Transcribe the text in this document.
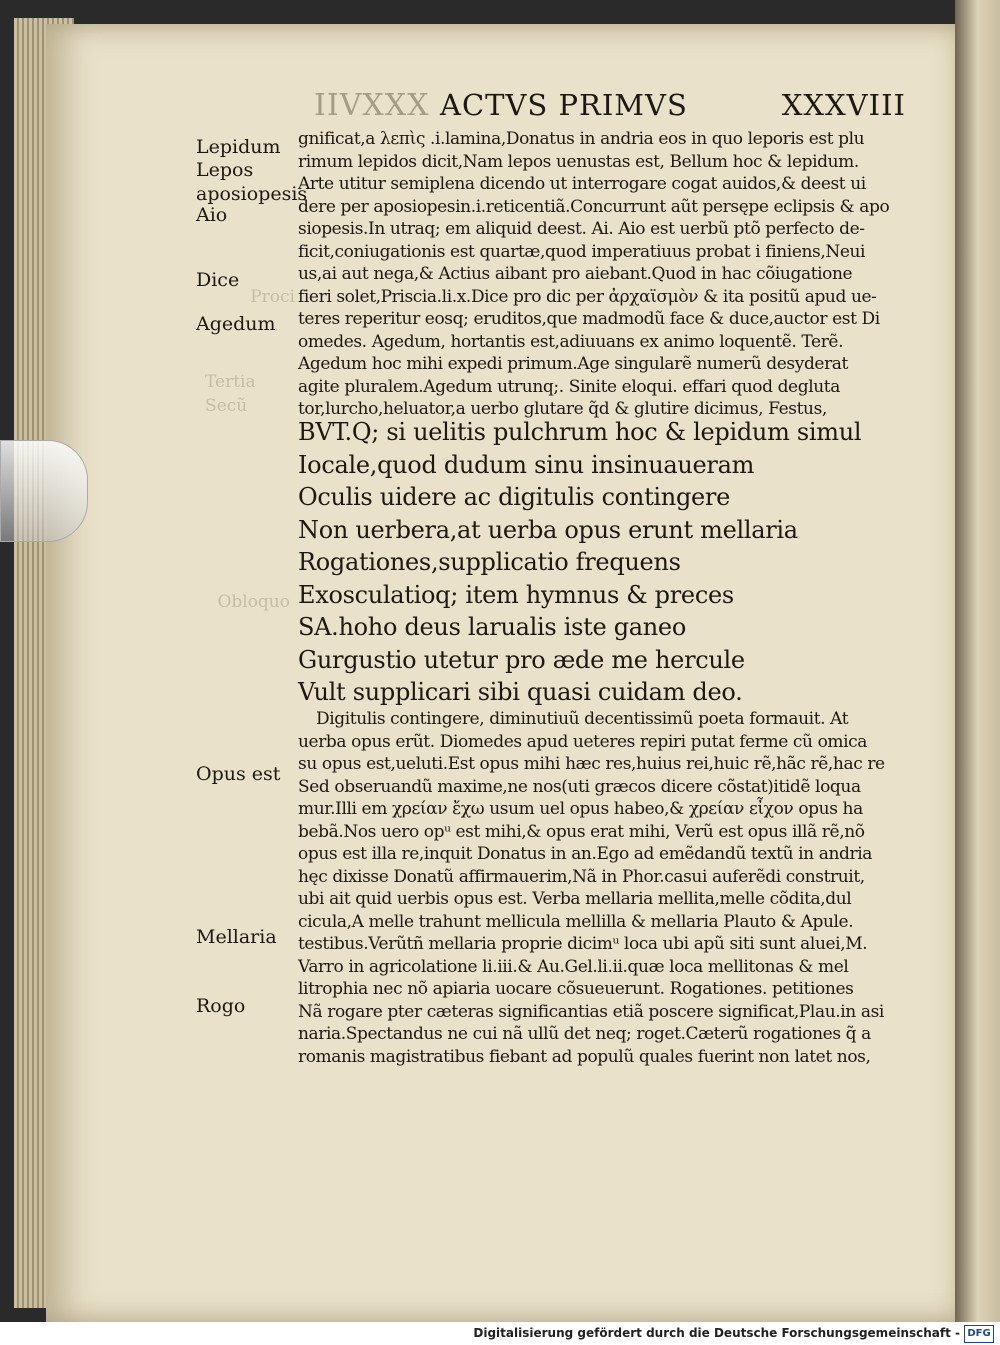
Proci
Tertia Secũ
Obloquo
IIVXXX ACTVS PRIMVS	XXXVIII
Lepidum
Lepos
aposiopesis
Aio
Dice
Agedum
Opus est
Mellaria
Rogo
gnificat,a λεπὶς .i.lamina,Donatus in andria eos in quo leporis est plu
rimum lepidos dicit,Nam lepos uenustas est, Bellum hoc & lepidum.
Arte utitur semiplena dicendo ut interrogare cogat auidos,& deest ui
dere per aposiopesin.i.reticentiã.Concurrunt aũt persępe eclipsis & apo
siopesis.In utraq; em aliquid deest. Ai. Aio est uerbũ ptõ perfecto de-
ficit,coniugationis est quartæ,quod imperatiuus probat i finiens,Neui
us,ai aut nega,& Actius aibant pro aiebant.Quod in hac cõiugatione
fieri solet,Priscia.li.x.Dice pro dic per ἀρχαϊσμὸν & ita positũ apud ue-
teres reperitur eosq; eruditos,que madmodũ face & duce,auctor est Di
omedes. Agedum, hortantis est,adiuuans ex animo loquentẽ. Terẽ.
Agedum hoc mihi expedi primum.Age singularẽ numerũ desyderat
agite pluralem.Agedum utrunq;. Sinite eloqui. effari quod degluta
tor,lurcho,heluator,a uerbo glutare q̃d & glutire dicimus, Festus,
BVT.Q; si uelitis pulchrum hoc & lepidum simul
Iocale,quod dudum sinu insinuaueram
Oculis uidere ac digitulis contingere
Non uerbera,at uerba opus erunt mellaria
Rogationes,supplicatio frequens
Exosculatioq; item hymnus & preces
SA.hoho deus larualis iste ganeo
Gurgustio utetur pro æde me hercule
Vult supplicari sibi quasi cuidam deo.
Digitulis contingere, diminutiuũ decentissimũ poeta formauit. At
uerba opus erũt. Diomedes apud ueteres repiri putat ferme cũ omica
su opus est,ueluti.Est opus mihi hæc res,huius rei,huic rẽ,hãc rẽ,hac re
Sed obseruandũ maxime,ne nos(uti græcos dicere cõstat)itidẽ loqua
mur.Illi em χρείαν ἔχω usum uel opus habeo,& χρείαν εἶχον opus ha
bebã.Nos uero opᵘ est mihi,& opus erat mihi, Verũ est opus illã rẽ,nõ
opus est illa re,inquit Donatus in an.Ego ad emẽdandũ textũ in andria
hęc dixisse Donatũ affirmauerim,Nã in Phor.casui auferẽdi construit,
ubi ait quid uerbis opus est. Verba mellaria mellita,melle cõdita,dul
cicula,A melle trahunt mellicula mellilla & mellaria Plauto & Apule.
testibus.Verũtñ mellaria proprie dicimᵘ loca ubi apũ siti sunt aluei,M.
Varro in agricolatione li.iii.& Au.Gel.li.ii.quæ loca mellitonas & mel
litrophia nec nõ apiaria uocare cõsueuerunt. Rogationes. petitiones
Nã rogare pter cæteras significantias etiã poscere significat,Plau.in asi
naria.Spectandus ne cui nã ullũ det neq; roget.Cæterũ rogationes q̃ a
romanis magistratibus fiebant ad populũ quales fuerint non latet nos,
Digitalisierung gefördert durch die Deutsche Forschungsgemeinschaft - DFG
